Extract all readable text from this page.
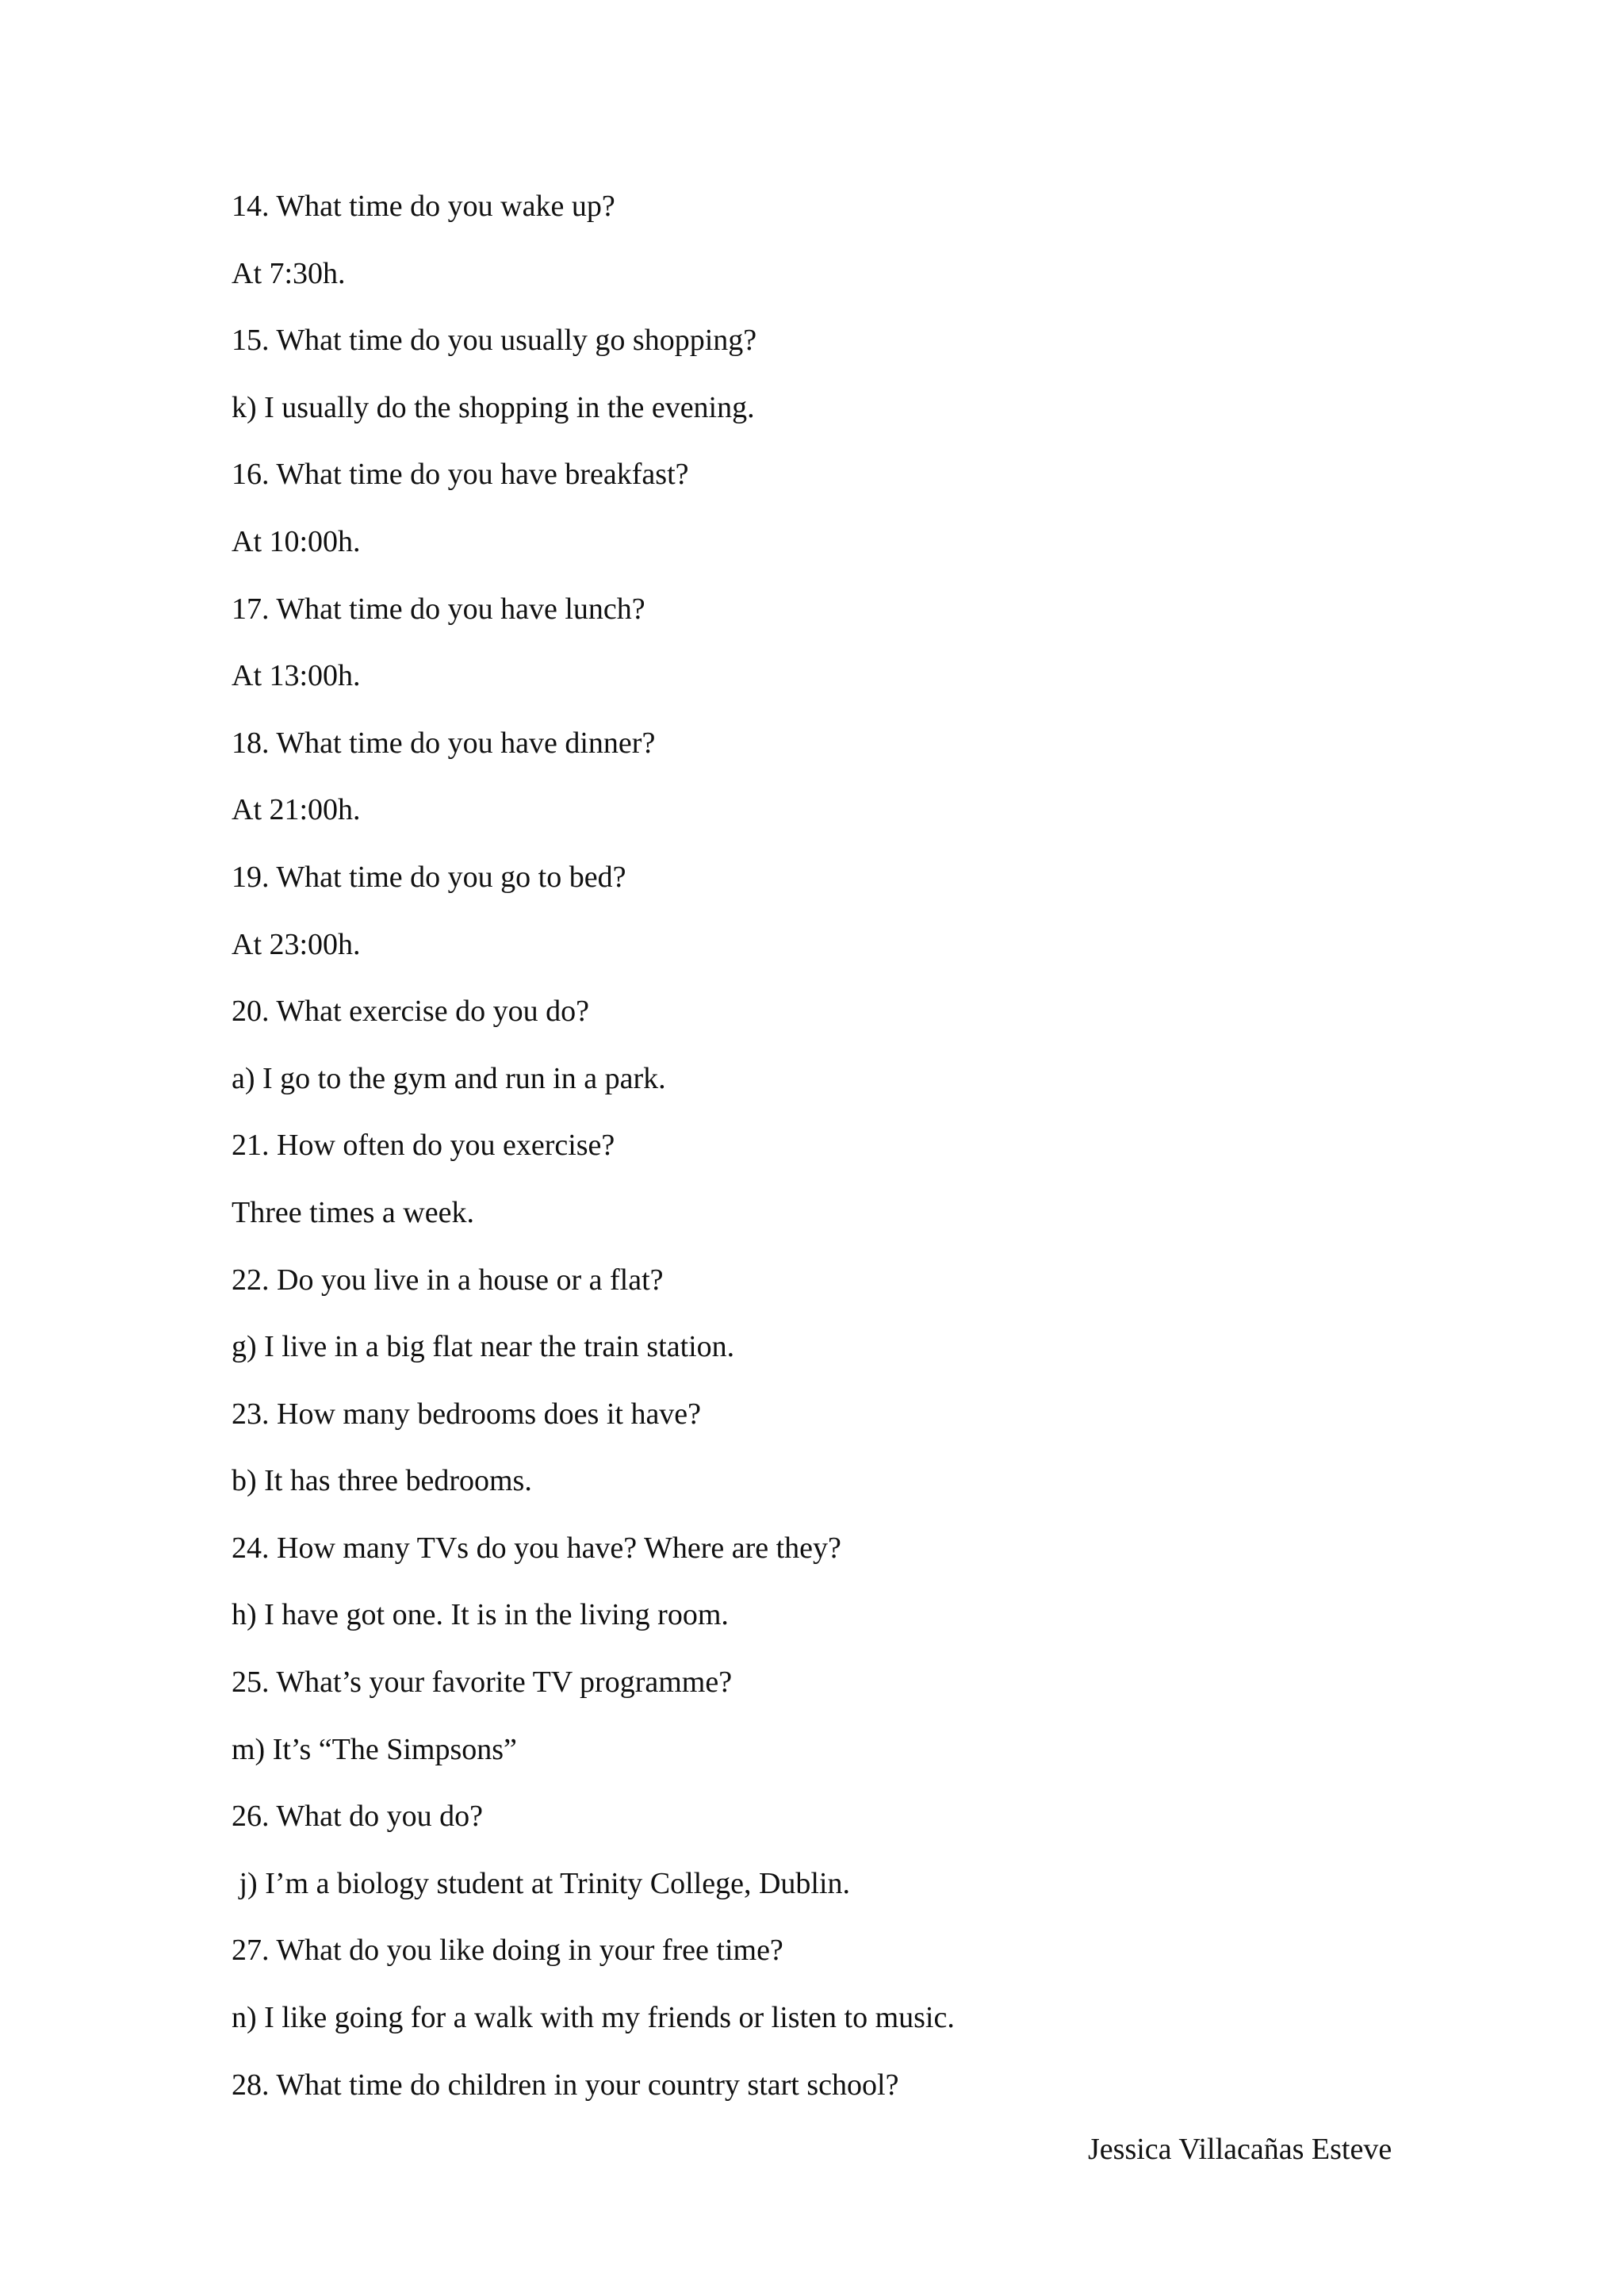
14. What time do you wake up?
At 7:30h.
15. What time do you usually go shopping?
k) I usually do the shopping in the evening.
16. What time do you have breakfast?
At 10:00h.
17. What time do you have lunch?
At 13:00h.
18. What time do you have dinner?
At 21:00h.
19. What time do you go to bed?
At 23:00h.
20. What exercise do you do?
a) I go to the gym and run in a park.
21. How often do you exercise?
Three times a week.
22. Do you live in a house or a flat?
g) I live in a big flat near the train station.
23. How many bedrooms does it have?
b) It has three bedrooms.
24. How many TVs do you have? Where are they?
h) I have got one. It is in the living room.
25. What’s your favorite TV programme?
m) It’s “The Simpsons”
26. What do you do?
j) I’m a biology student at Trinity College, Dublin.
27. What do you like doing in your free time?
n) I like going for a walk with my friends or listen to music.
28. What time do children in your country start school?
Jessica Villacañas Esteve
